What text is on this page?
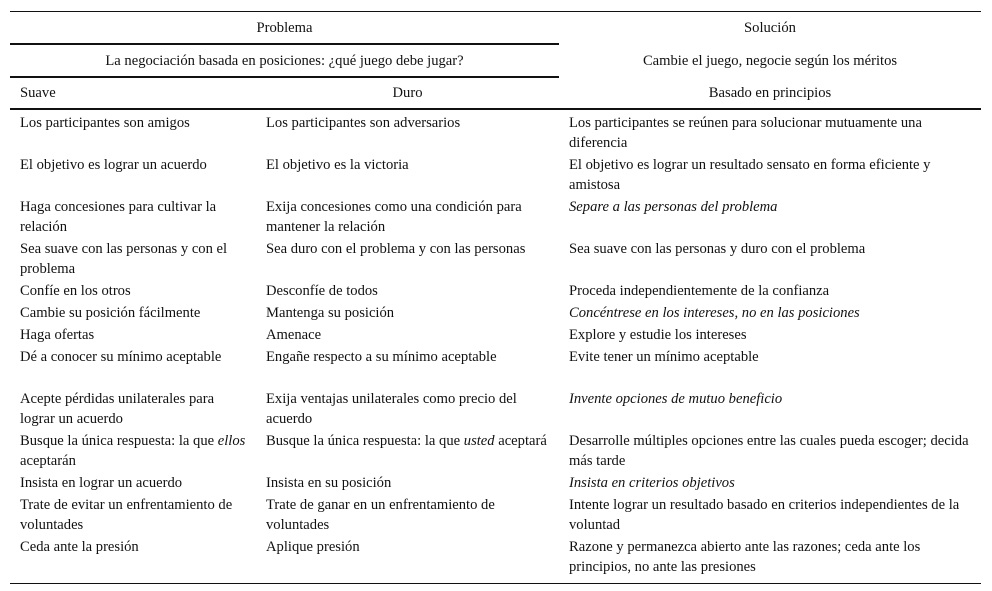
Problema		Solución
La negociación basada en posiciones: ¿qué juego debe jugar?		Cambie el juego, negocie según los méritos
Suave	Duro	Basado en principios
Los participantes son amigos	Los participantes son adversarios	Los participantes se reúnen para solucionar mutuamente una diferencia
El objetivo es lograr un acuerdo	El objetivo es la victoria	El objetivo es lograr un resultado sensato en forma eficiente y amistosa
Haga concesiones para cultivar la relación	Exija concesiones como una condición para mantener la relación	Separe a las personas del problema
Sea suave con las personas y con el problema	Sea duro con el problema y con las personas	Sea suave con las personas y duro con el problema
Confíe en los otros	Desconfíe de todos	Proceda independientemente de la confianza
Cambie su posición fácilmente	Mantenga su posición	Concéntrese en los intereses, no en las posiciones
Haga ofertas	Amenace	Explore y estudie los intereses
Dé a conocer su mínimo aceptable	Engañe respecto a su mínimo aceptable	Evite tener un mínimo aceptable
Acepte pérdidas unilaterales para lograr un acuerdo	Exija ventajas unilaterales como precio del acuerdo	Invente opciones de mutuo beneficio
Busque la única respuesta: la que ellos aceptarán	Busque la única respuesta: la que usted aceptará	Desarrolle múltiples opciones entre las cuales pueda escoger; decida más tarde
Insista en lograr un acuerdo	Insista en su posición	Insista en criterios objetivos
Trate de evitar un enfrentamiento de voluntades	Trate de ganar en un enfrentamiento de voluntades	Intente lograr un resultado basado en criterios independientes de la voluntad
Ceda ante la presión	Aplique presión	Razone y permanezca abierto ante las razones; ceda ante los principios, no ante las presiones
